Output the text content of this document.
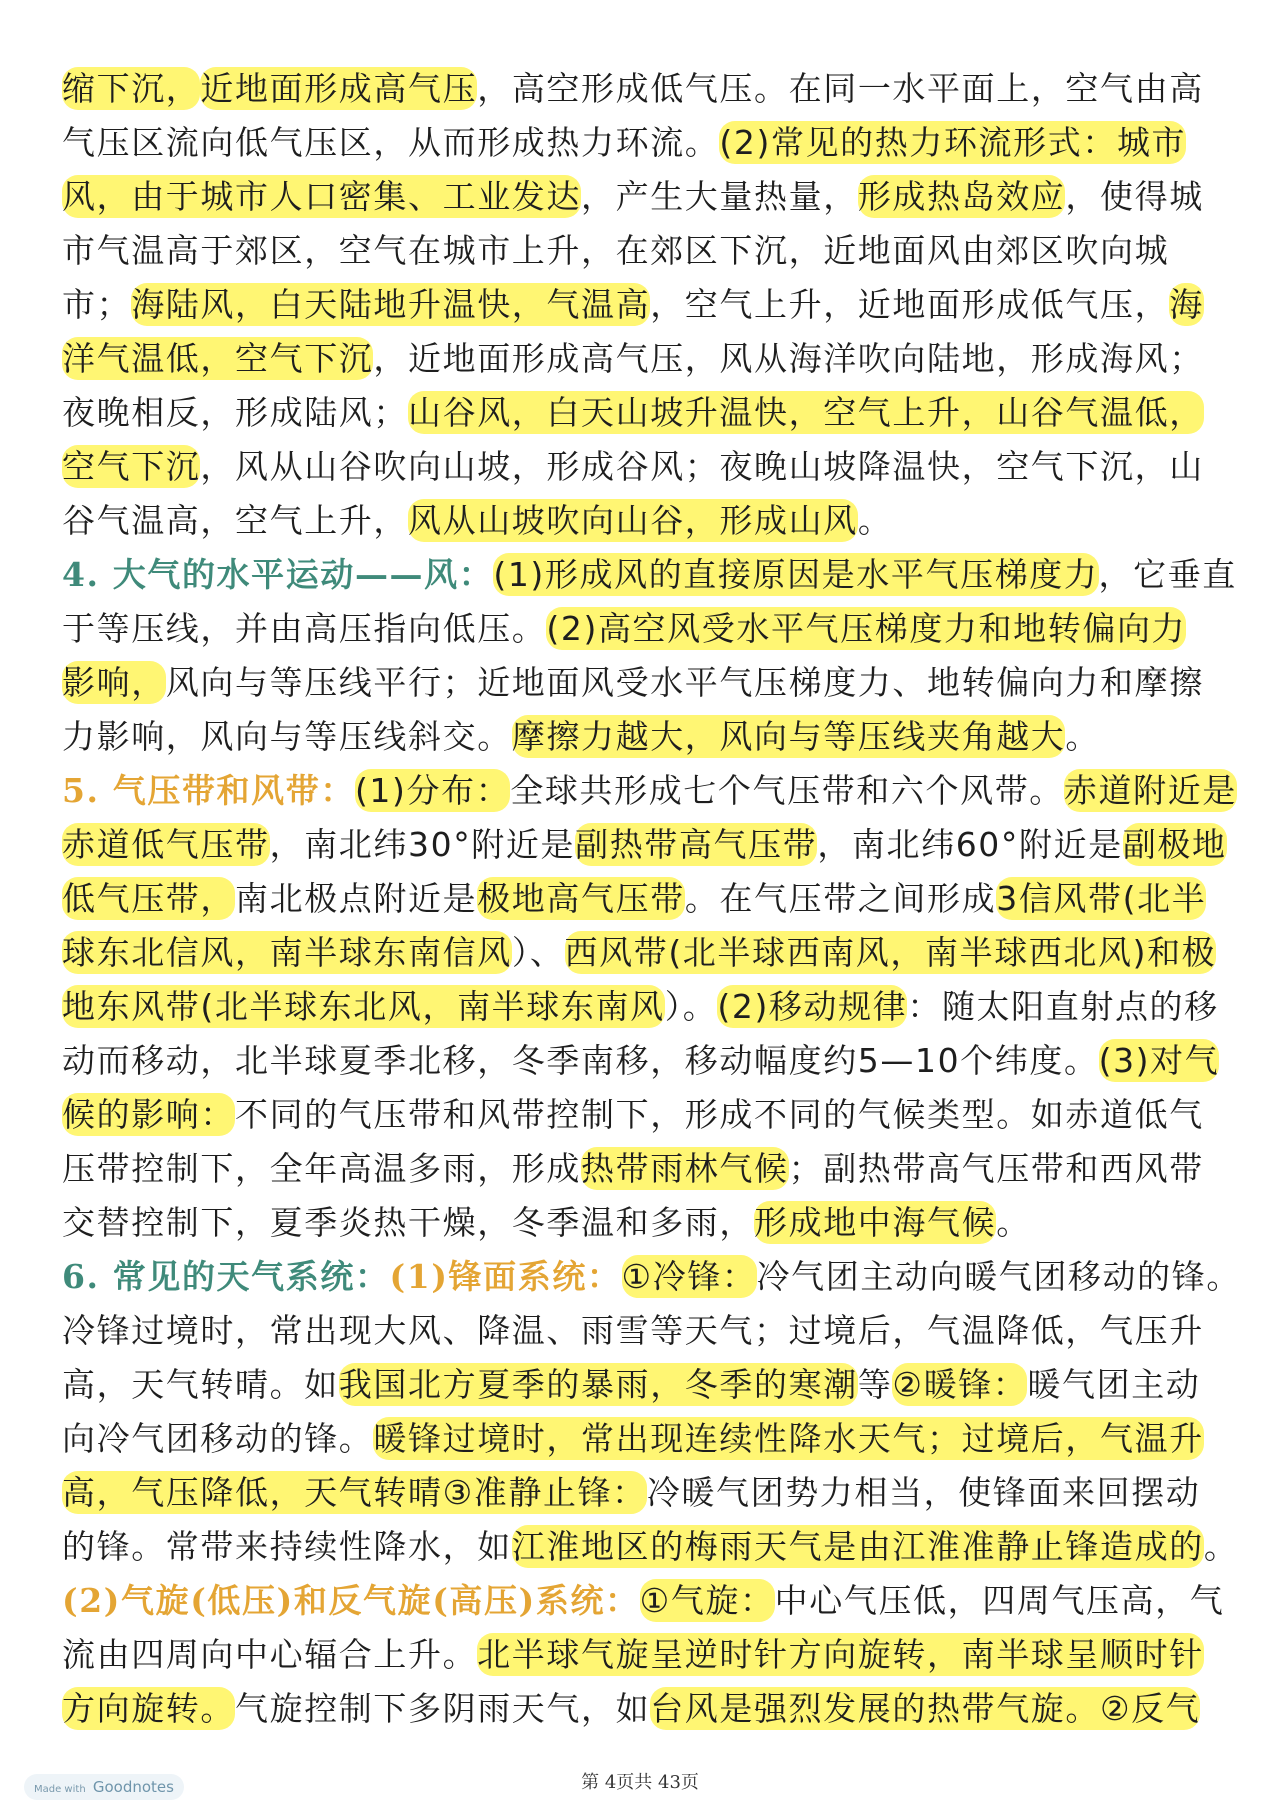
缩下沉，近地面形成高气压，高空形成低气压。在同一水平面上，空气由高
气压区流向低气压区，从而形成热力环流。(2)常见的热力环流形式：城市
风，由于城市人口密集、工业发达，产生大量热量，形成热岛效应，使得城
市气温高于郊区，空气在城市上升，在郊区下沉，近地面风由郊区吹向城
市；海陆风，白天陆地升温快，气温高，空气上升，近地面形成低气压，海
洋气温低，空气下沉，近地面形成高气压，风从海洋吹向陆地，形成海风；
夜晚相反，形成陆风；山谷风，白天山坡升温快，空气上升，山谷气温低，
空气下沉，风从山谷吹向山坡，形成谷风；夜晚山坡降温快，空气下沉，山
谷气温高，空气上升，风从山坡吹向山谷，形成山风。
4. 大气的水平运动——风：(1)形成风的直接原因是水平气压梯度力，它垂直
于等压线，并由高压指向低压。(2)高空风受水平气压梯度力和地转偏向力
影响，风向与等压线平行；近地面风受水平气压梯度力、地转偏向力和摩擦
力影响，风向与等压线斜交。摩擦力越大，风向与等压线夹角越大。
5. 气压带和风带：(1)分布：全球共形成七个气压带和六个风带。赤道附近是
赤道低气压带，南北纬30°附近是副热带高气压带，南北纬60°附近是副极地
低气压带，南北极点附近是极地高气压带。在气压带之间形成3信风带(北半
球东北信风，南半球东南信风）、西风带(北半球西南风，南半球西北风)和极
地东风带(北半球东北风，南半球东南风）。(2)移动规律：随太阳直射点的移
动而移动，北半球夏季北移，冬季南移，移动幅度约5—10个纬度。(3)对气
候的影响：不同的气压带和风带控制下，形成不同的气候类型。如赤道低气
压带控制下，全年高温多雨，形成热带雨林气候；副热带高气压带和西风带
交替控制下，夏季炎热干燥，冬季温和多雨，形成地中海气候。
6. 常见的天气系统：(1)锋面系统：①冷锋：冷气团主动向暖气团移动的锋。
冷锋过境时，常出现大风、降温、雨雪等天气；过境后，气温降低，气压升
高，天气转晴。如我国北方夏季的暴雨，冬季的寒潮等②暖锋：暖气团主动
向冷气团移动的锋。暖锋过境时，常出现连续性降水天气；过境后，气温升
高，气压降低，天气转晴③准静止锋：冷暖气团势力相当，使锋面来回摆动
的锋。常带来持续性降水，如江淮地区的梅雨天气是由江淮准静止锋造成的。
(2)气旋(低压)和反气旋(高压)系统：①气旋：中心气压低，四周气压高，气
流由四周向中心辐合上升。北半球气旋呈逆时针方向旋转，南半球呈顺时针
方向旋转。气旋控制下多阴雨天气，如台风是强烈发展的热带气旋。②反气
第 4页共 43页
Made with Goodnotes
